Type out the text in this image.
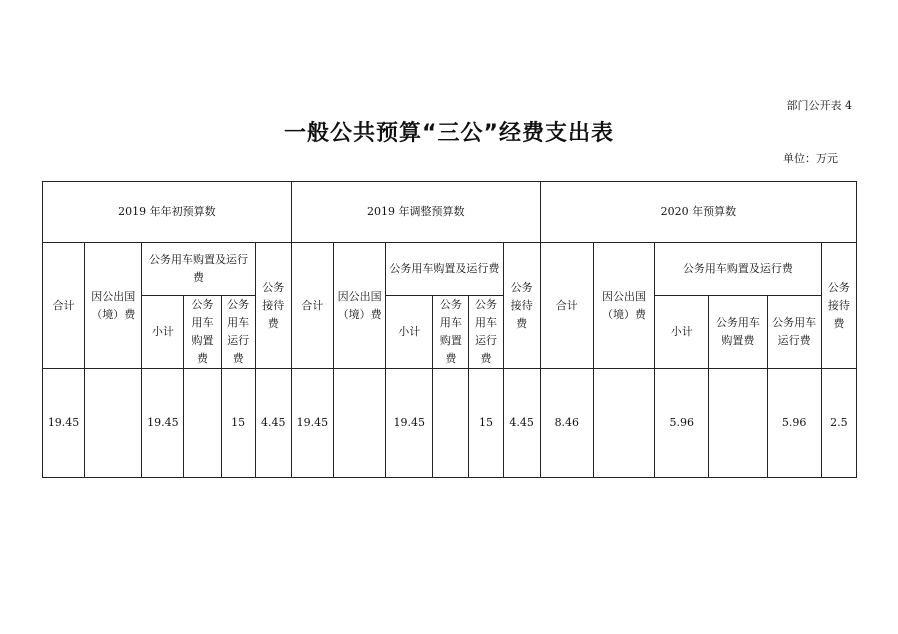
部门公开表 4
一般公共预算“三公”经费支出表
单位：万元
2019 年年初预算数						2019 年调整预算数						2020 年预算数					
合计	因公出国（境）费	公务用车购置及运行费			公务接待费	合计	因公出国（境）费	公务用车购置及运行费			公务接待费	合计	因公出国（境）费	公务用车购置及运行费			公务接待费
		小计	公务用车购置费	公务用车运行费				小计	公务用车购置费	公务用车运行费				小计	公务用车购置费	公务用车运行费	
19.45		19.45		15	4.45	19.45		19.45		15	4.45	8.46		5.96		5.96	2.5
